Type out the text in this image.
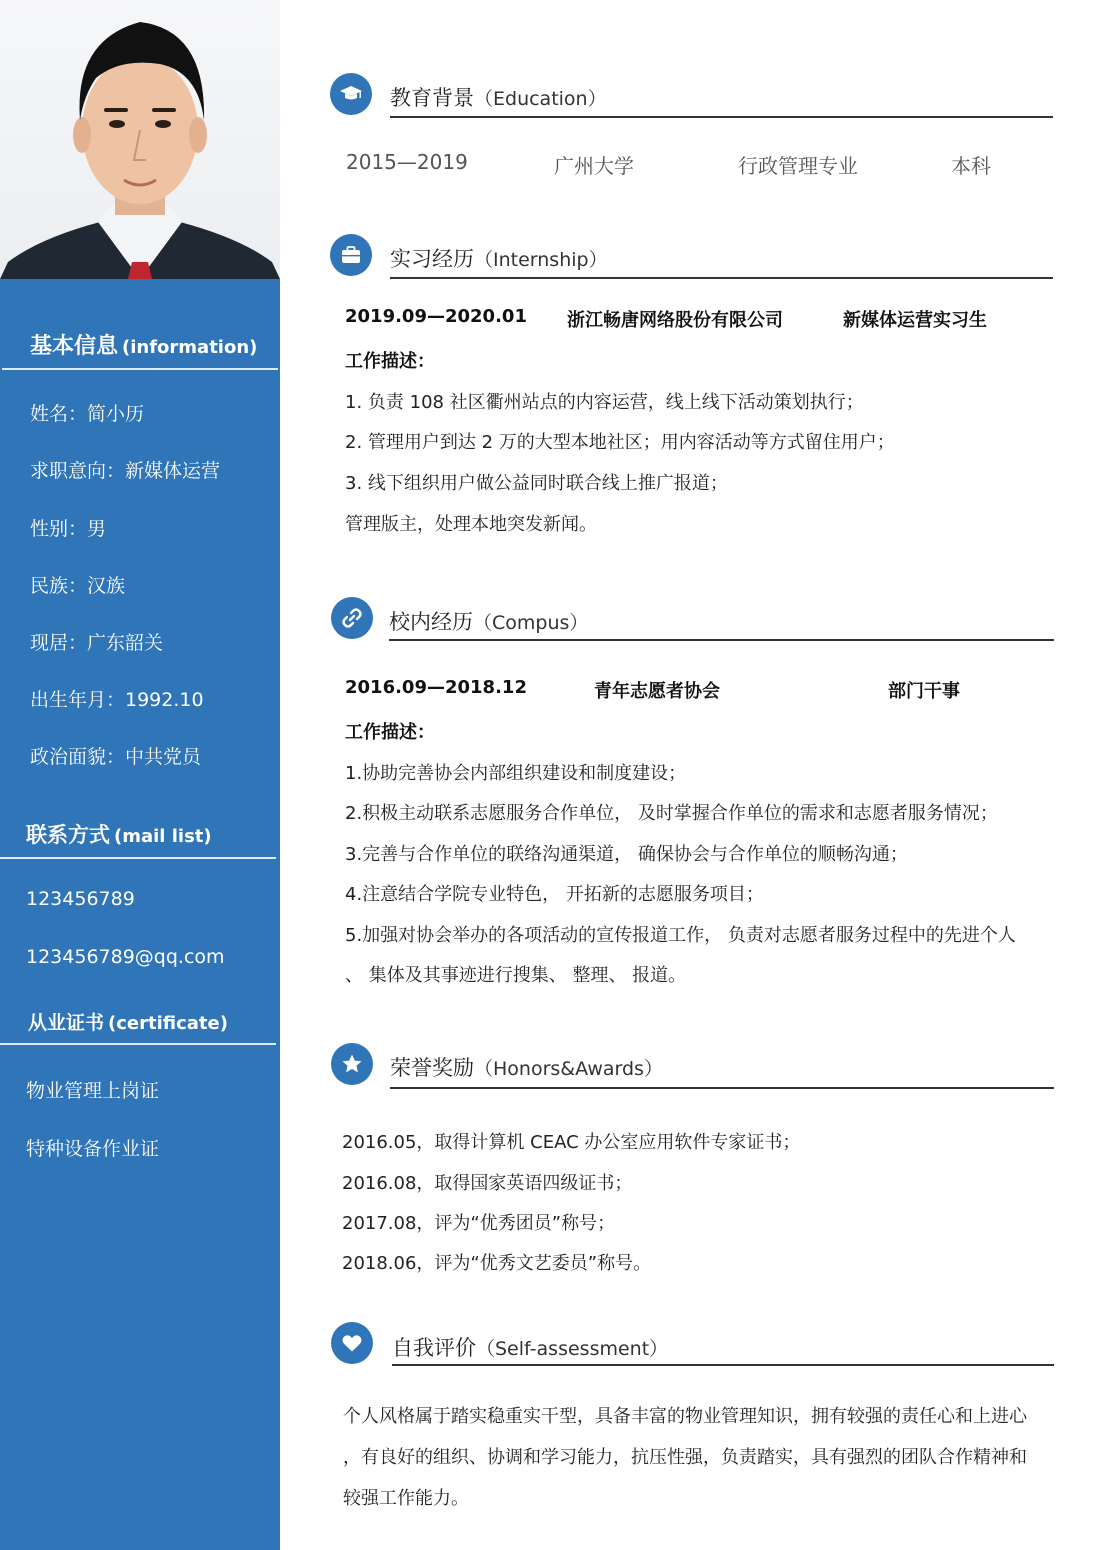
基本信息 (information)
姓名：简小历
求职意向：新媒体运营
性别：男
民族：汉族
现居：广东韶关
出生年月：1992.10
政治面貌：中共党员
联系方式 (mail list)
123456789
123456789@qq.com
从业证书 (certificate)
物业管理上岗证
特种设备作业证
教育背景（Education）
2015—2019	广州大学	行政管理专业	本科
实习经历（Internship）
2019.09—2020.01 浙江畅唐网络股份有限公司	新媒体运营实习生
工作描述：
1. 负责 108 社区衢州站点的内容运营，线上线下活动策划执行；
2. 管理用户到达 2 万的大型本地社区；用内容活动等方式留住用户；
3. 线下组织用户做公益同时联合线上推广报道；
管理版主，处理本地突发新闻。
校内经历（Compus）
2016.09—2018.12	青年志愿者协会	部门干事
工作描述：
1.协助完善协会内部组织建设和制度建设；
2.积极主动联系志愿服务合作单位， 及时掌握合作单位的需求和志愿者服务情况；
3.完善与合作单位的联络沟通渠道， 确保协会与合作单位的顺畅沟通；
4.注意结合学院专业特色， 开拓新的志愿服务项目；
5.加强对协会举办的各项活动的宣传报道工作， 负责对志愿者服务过程中的先进个人
、 集体及其事迹进行搜集、 整理、 报道。
荣誉奖励（Honors&Awards）
2016.05，取得计算机 CEAC 办公室应用软件专家证书；
2016.08，取得国家英语四级证书；
2017.08，评为“优秀团员”称号；
2018.06，评为“优秀文艺委员”称号。
自我评价（Self-assessment）
个人风格属于踏实稳重实干型，具备丰富的物业管理知识，拥有较强的责任心和上进心
，有良好的组织、协调和学习能力，抗压性强，负责踏实，具有强烈的团队合作精神和
较强工作能力。
